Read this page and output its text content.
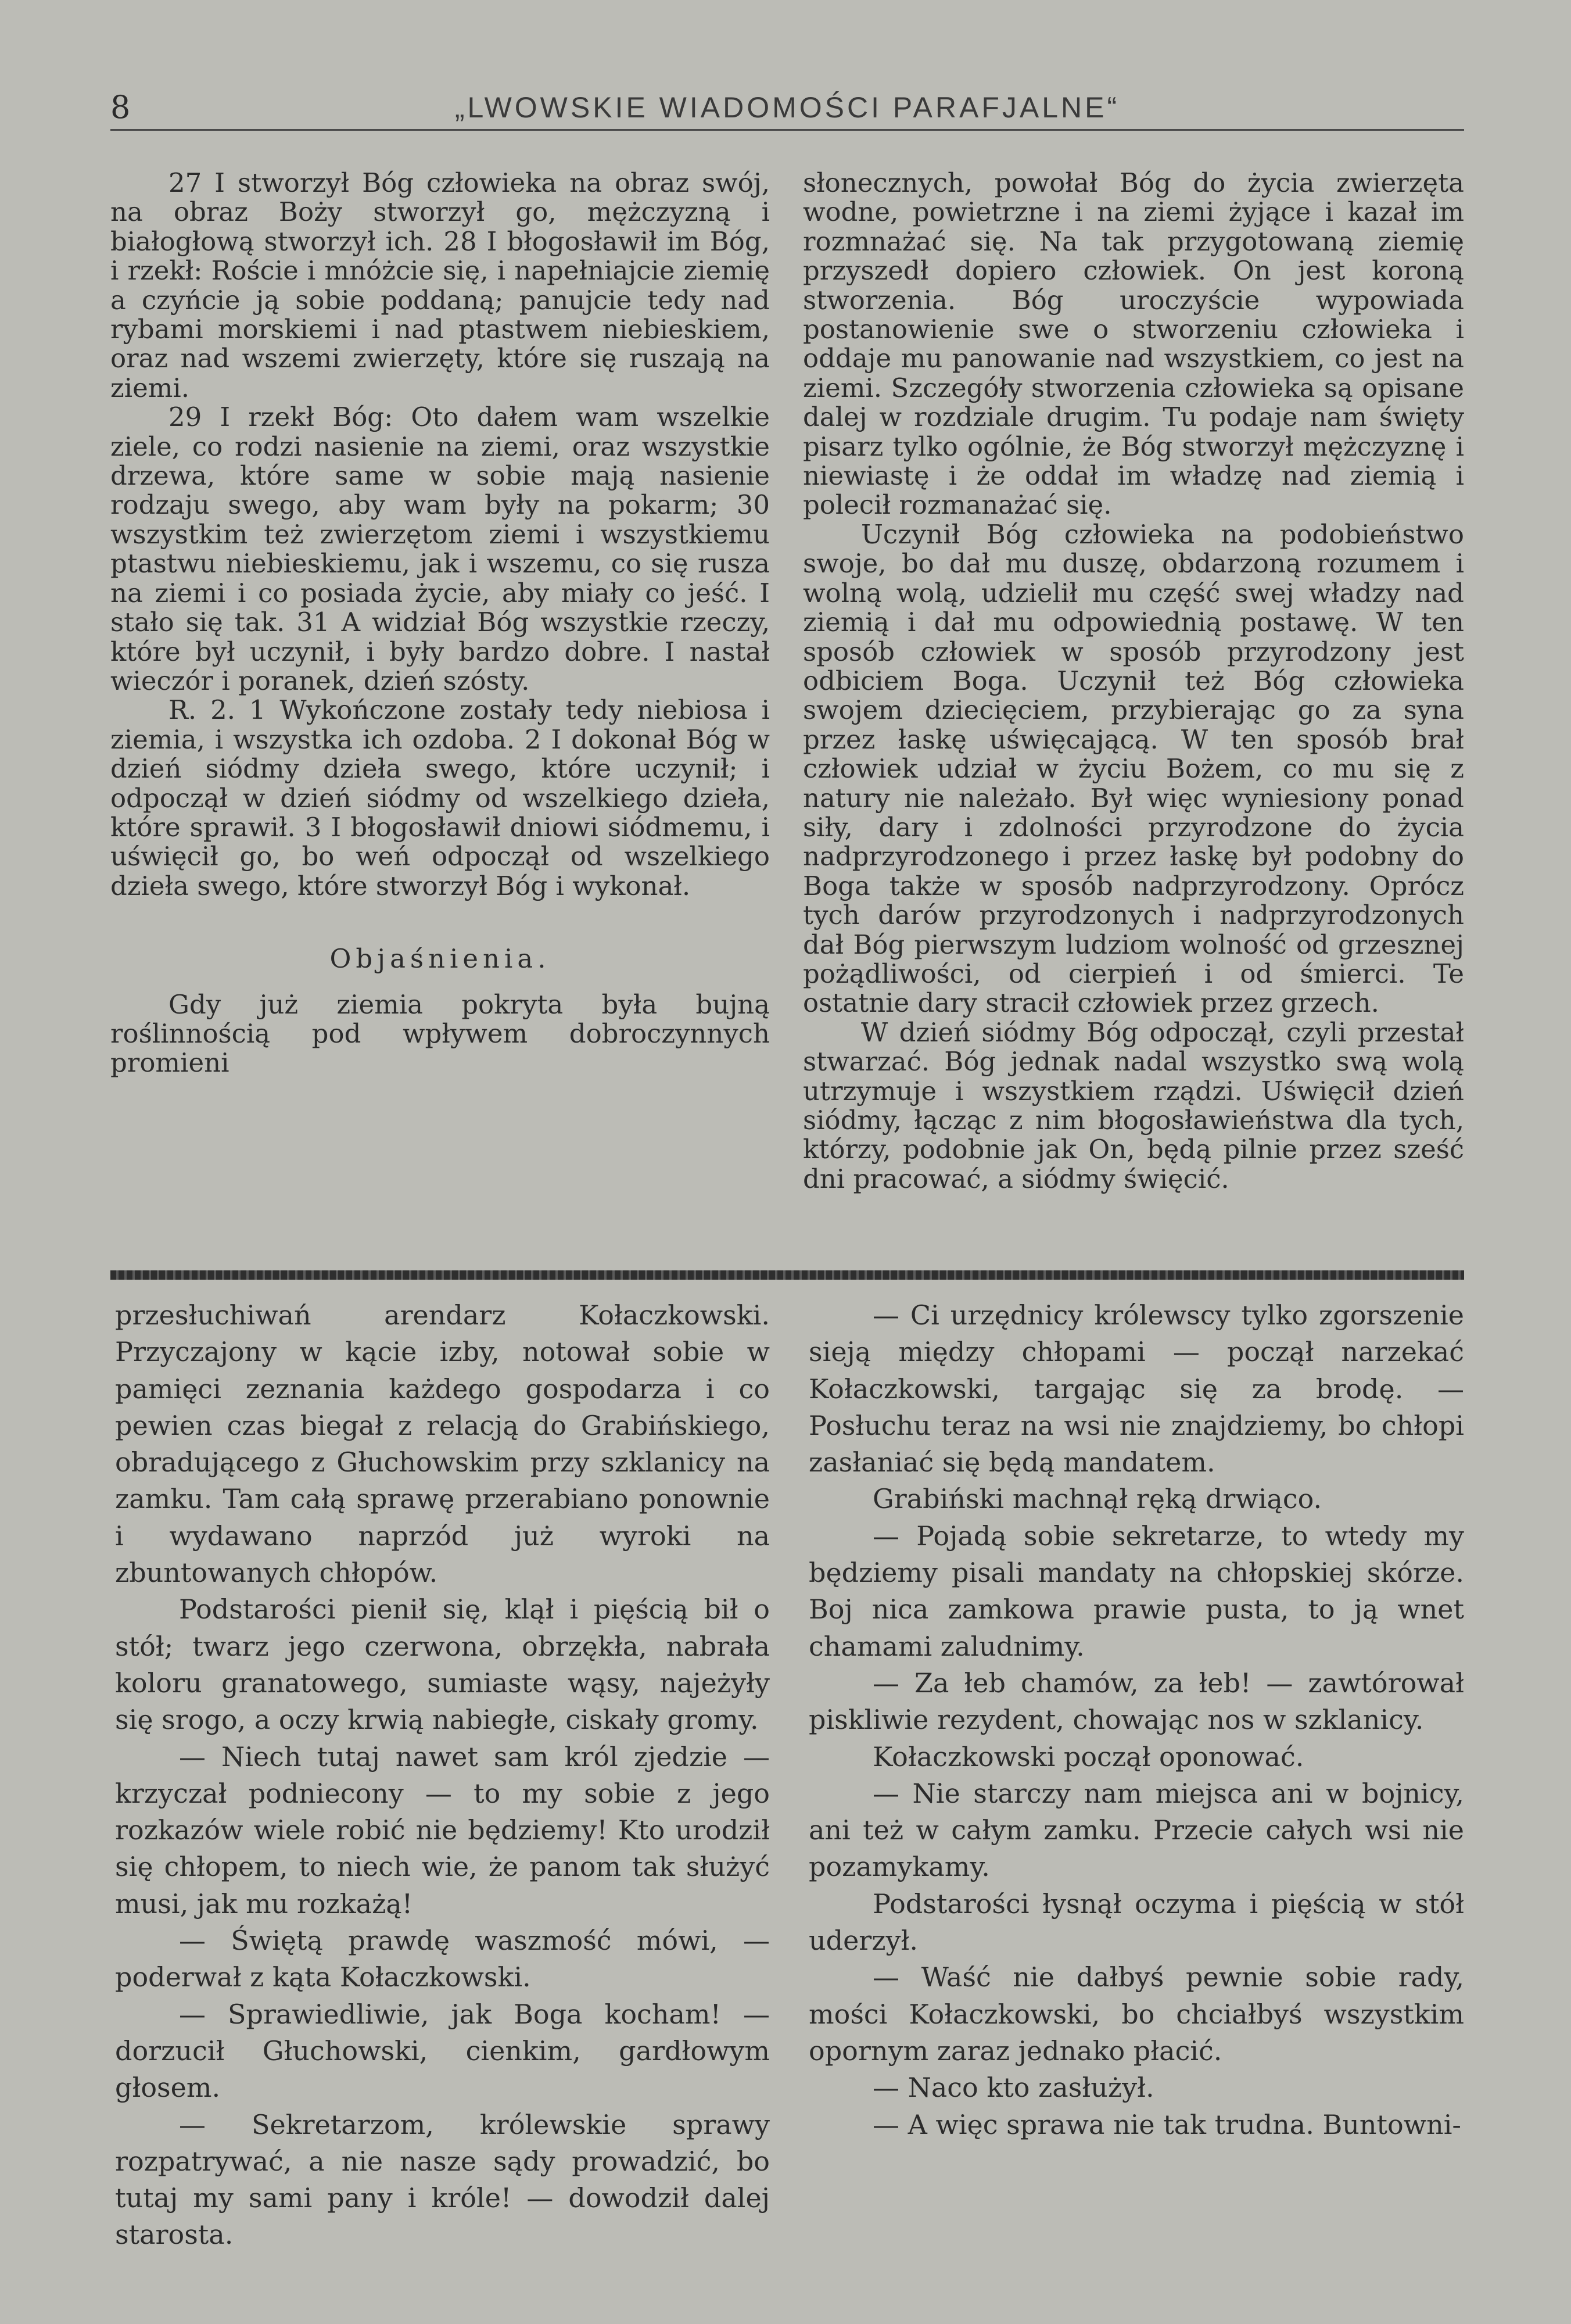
8	„LWOWSKIE WIADOMOŚCI PARAFJALNE“

27 I stworzył Bóg człowieka na obraz swój, na obraz Boży stworzył go, mężczyzną i białogłową stworzył ich. 28 I błogosławił im Bóg, i rzekł: Roście i mnóżcie się, i napełniajcie ziemię a czyńcie ją sobie poddaną; panujcie tedy nad rybami morskiemi i nad ptastwem niebieskiem, oraz nad wszemi zwierzęty, które się ruszają na ziemi.

29 I rzekł Bóg: Oto dałem wam wszelkie ziele, co rodzi nasienie na ziemi, oraz wszystkie drzewa, które same w sobie mają nasienie rodzaju swego, aby wam były na pokarm; 30 wszystkim też zwierzętom ziemi i wszystkiemu ptastwu niebieskiemu, jak i wszemu, co się rusza na ziemi i co posiada życie, aby miały co jeść. I stało się tak. 31 A widział Bóg wszystkie rzeczy, które był uczynił, i były bardzo dobre. I nastał wieczór i poranek, dzień szósty.

R. 2. 1 Wykończone zostały tedy niebiosa i ziemia, i wszystka ich ozdoba. 2 I dokonał Bóg w dzień siódmy dzieła swego, które uczynił; i odpoczął w dzień siódmy od wszelkiego dzieła, które sprawił. 3 I błogosławił dniowi siódmemu, i uświęcił go, bo weń odpoczął od wszelkiego dzieła swego, które stworzył Bóg i wykonał.

Objaśnienia.

Gdy już ziemia pokryta była bujną roślinnością pod wpływem dobroczynnych promieni

słonecznych, powołał Bóg do życia zwierzęta wodne, powietrzne i na ziemi żyjące i kazał im rozmnażać się. Na tak przygotowaną ziemię przyszedł dopiero człowiek. On jest koroną stworzenia. Bóg uroczyście wypowiada postanowienie swe o stworzeniu człowieka i oddaje mu panowanie nad wszystkiem, co jest na ziemi. Szczegóły stworzenia człowieka są opisane dalej w rozdziale drugim. Tu podaje nam święty pisarz tylko ogólnie, że Bóg stworzył mężczyznę i niewiastę i że oddał im władzę nad ziemią i polecił rozmanażać się.

Uczynił Bóg człowieka na podobieństwo swoje, bo dał mu duszę, obdarzoną rozumem i wolną wolą, udzielił mu część swej władzy nad ziemią i dał mu odpowiednią postawę. W ten sposób człowiek w sposób przyrodzony jest odbiciem Boga. Uczynił też Bóg człowieka swojem dziecięciem, przybierając go za syna przez łaskę uświęcającą. W ten sposób brał człowiek udział w życiu Bożem, co mu się z natury nie należało. Był więc wyniesiony ponad siły, dary i zdolności przyrodzone do życia nadprzyrodzonego i przez łaskę był podobny do Boga także w sposób nadprzyrodzony. Oprócz tych darów przyrodzonych i nadprzyrodzonych dał Bóg pierwszym ludziom wolność od grzesznej pożądliwości, od cierpień i od śmierci. Te ostatnie dary stracił człowiek przez grzech.

W dzień siódmy Bóg odpoczął, czyli przestał stwarzać. Bóg jednak nadal wszystko swą wolą utrzymuje i wszystkiem rządzi. Uświęcił dzień siódmy, łącząc z nim błogosławieństwa dla tych, którzy, podobnie jak On, będą pilnie przez sześć dni pracować, a siódmy święcić.

przesłuchiwań arendarz Kołaczkowski. Przyczajony w kącie izby, notował sobie w pamięci zeznania każdego gospodarza i co pewien czas biegał z relacją do Grabińskiego, obradującego z Głuchowskim przy szklanicy na zamku. Tam całą sprawę przerabiano ponownie i wydawano naprzód już wyroki na zbuntowanych chłopów.

Podstarości pienił się, klął i pięścią bił o stół; twarz jego czerwona, obrzękła, nabrała koloru granatowego, sumiaste wąsy, najeżyły się srogo, a oczy krwią nabiegłe, ciskały gromy.

— Niech tutaj nawet sam król zjedzie — krzyczał podniecony — to my sobie z jego rozkazów wiele robić nie będziemy! Kto urodził się chłopem, to niech wie, że panom tak służyć musi, jak mu rozkażą!

— Świętą prawdę waszmość mówi, — poderwał z kąta Kołaczkowski.

— Sprawiedliwie, jak Boga kocham! — dorzucił Głuchowski, cienkim, gardłowym głosem.

— Sekretarzom, królewskie sprawy rozpatrywać, a nie nasze sądy prowadzić, bo tutaj my sami pany i króle! — dowodził dalej starosta.

— Ci urzędnicy królewscy tylko zgorszenie sieją między chłopami — począł narzekać Kołaczkowski, targając się za brodę. — Posłuchu teraz na wsi nie znajdziemy, bo chłopi zasłaniać się będą mandatem.

Grabiński machnął ręką drwiąco.

— Pojadą sobie sekretarze, to wtedy my będziemy pisali mandaty na chłopskiej skórze. Boj nica zamkowa prawie pusta, to ją wnet chamami zaludnimy.

— Za łeb chamów, za łeb! — zawtórował piskliwie rezydent, chowając nos w szklanicy.

Kołaczkowski począł oponować.

— Nie starczy nam miejsca ani w bojnicy, ani też w całym zamku. Przecie całych wsi nie pozamykamy.

Podstarości łysnął oczyma i pięścią w stół uderzył.

— Waść nie dałbyś pewnie sobie rady, mości Kołaczkowski, bo chciałbyś wszystkim opornym zaraz jednako płacić.

— Naco kto zasłużył.

— A więc sprawa nie tak trudna. Buntowni-
